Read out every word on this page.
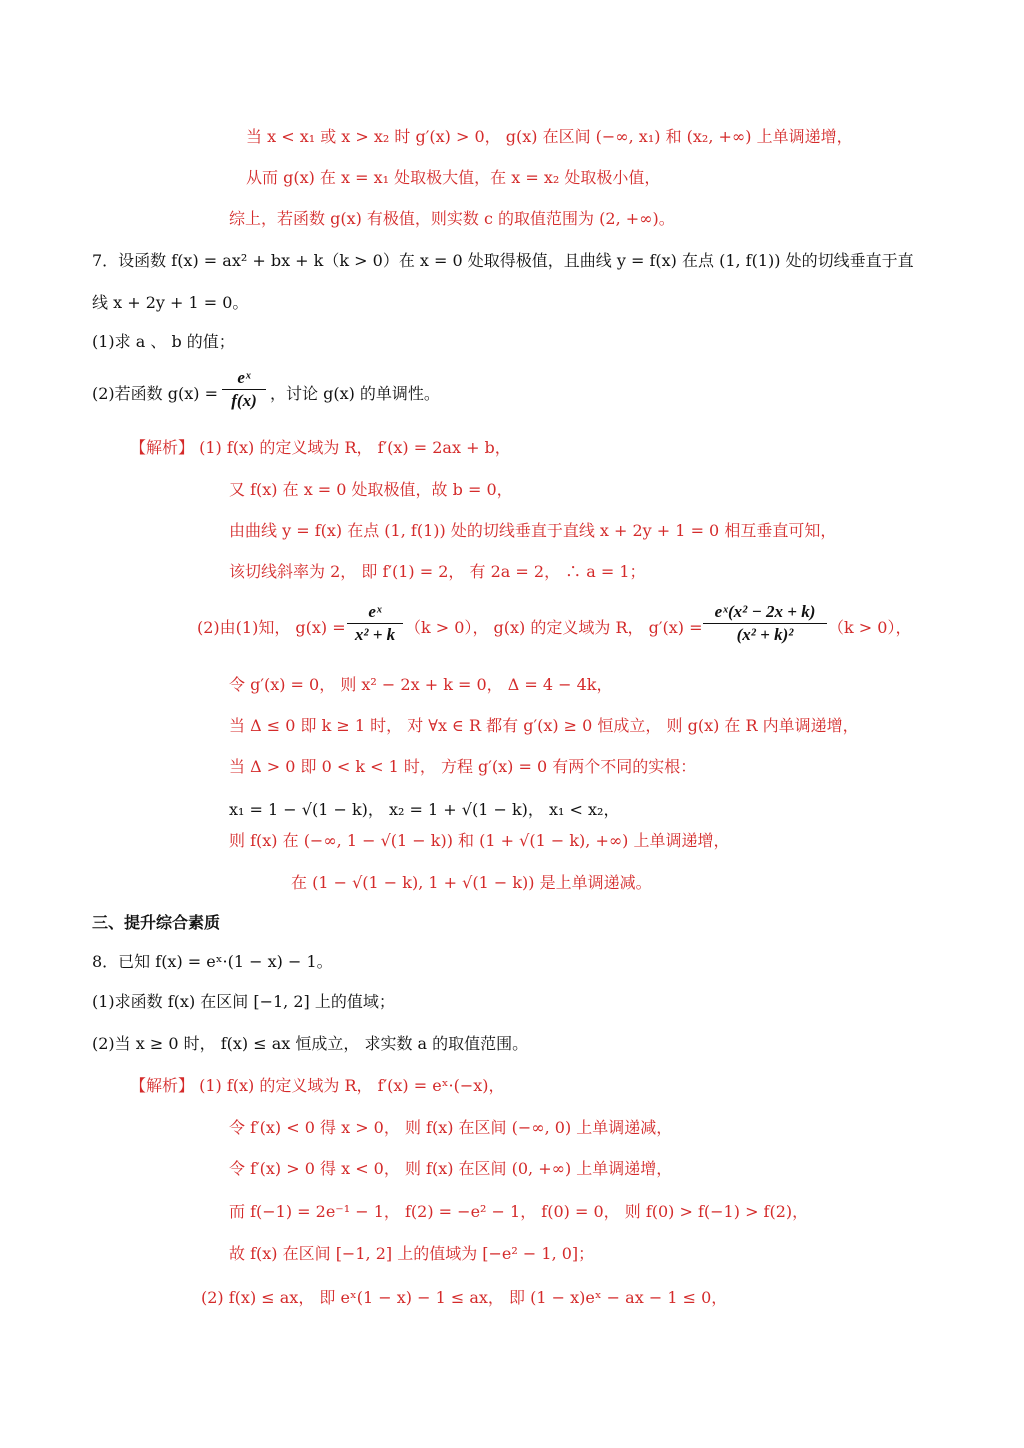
当 x < x₁ 或 x > x₂ 时 g′(x) > 0， g(x) 在区间 (−∞, x₁) 和 (x₂, +∞) 上单调递增，
从而 g(x) 在 x = x₁ 处取极大值，在 x = x₂ 处取极小值，
综上，若函数 g(x) 有极值，则实数 c 的取值范围为 (2, +∞)。
7．设函数 f(x) = ax² + bx + k（k > 0）在 x = 0 处取得极值，且曲线 y = f(x) 在点 (1, f(1)) 处的切线垂直于直
线 x + 2y + 1 = 0。
(1)求 a 、 b 的值；
(2)若函数 g(x) =
eˣ
f(x) ，讨论 g(x) 的单调性。
【解析】 (1) f(x) 的定义域为 R， f′(x) = 2ax + b，
又 f(x) 在 x = 0 处取极值，故 b = 0，
由曲线 y = f(x) 在点 (1, f(1)) 处的切线垂直于直线 x + 2y + 1 = 0 相互垂直可知，
该切线斜率为 2， 即 f′(1) = 2， 有 2a = 2， ∴ a = 1；
(2)由(1)知， g(x) =
eˣ
x² + k （k > 0）， g(x) 的定义域为 R， g′(x) =
eˣ(x² − 2x + k)
(x² + k)²	（k > 0），
令 g′(x) = 0， 则 x² − 2x + k = 0， Δ = 4 − 4k，
当 Δ ≤ 0 即 k ≥ 1 时， 对 ∀x ∈ R 都有 g′(x) ≥ 0 恒成立， 则 g(x) 在 R 内单调递增，
当 Δ > 0 即 0 < k < 1 时， 方程 g′(x) = 0 有两个不同的实根：
x₁ = 1 − √(1 − k)， x₂ = 1 + √(1 − k)， x₁ < x₂，
则 f(x) 在 (−∞, 1 − √(1 − k)) 和 (1 + √(1 − k), +∞) 上单调递增，
在 (1 − √(1 − k), 1 + √(1 − k)) 是上单调递减。
三、提升综合素质
8．已知 f(x) = eˣ·(1 − x) − 1。
(1)求函数 f(x) 在区间 [−1, 2] 上的值域；
(2)当 x ≥ 0 时， f(x) ≤ ax 恒成立， 求实数 a 的取值范围。
【解析】 (1) f(x) 的定义域为 R， f′(x) = eˣ·(−x)，
令 f′(x) < 0 得 x > 0， 则 f(x) 在区间 (−∞, 0) 上单调递减，
令 f′(x) > 0 得 x < 0， 则 f(x) 在区间 (0, +∞) 上单调递增，
而 f(−1) = 2e⁻¹ − 1， f(2) = −e² − 1， f(0) = 0， 则 f(0) > f(−1) > f(2)，
故 f(x) 在区间 [−1, 2] 上的值域为 [−e² − 1, 0]；
(2) f(x) ≤ ax， 即 eˣ(1 − x) − 1 ≤ ax， 即 (1 − x)eˣ − ax − 1 ≤ 0，
